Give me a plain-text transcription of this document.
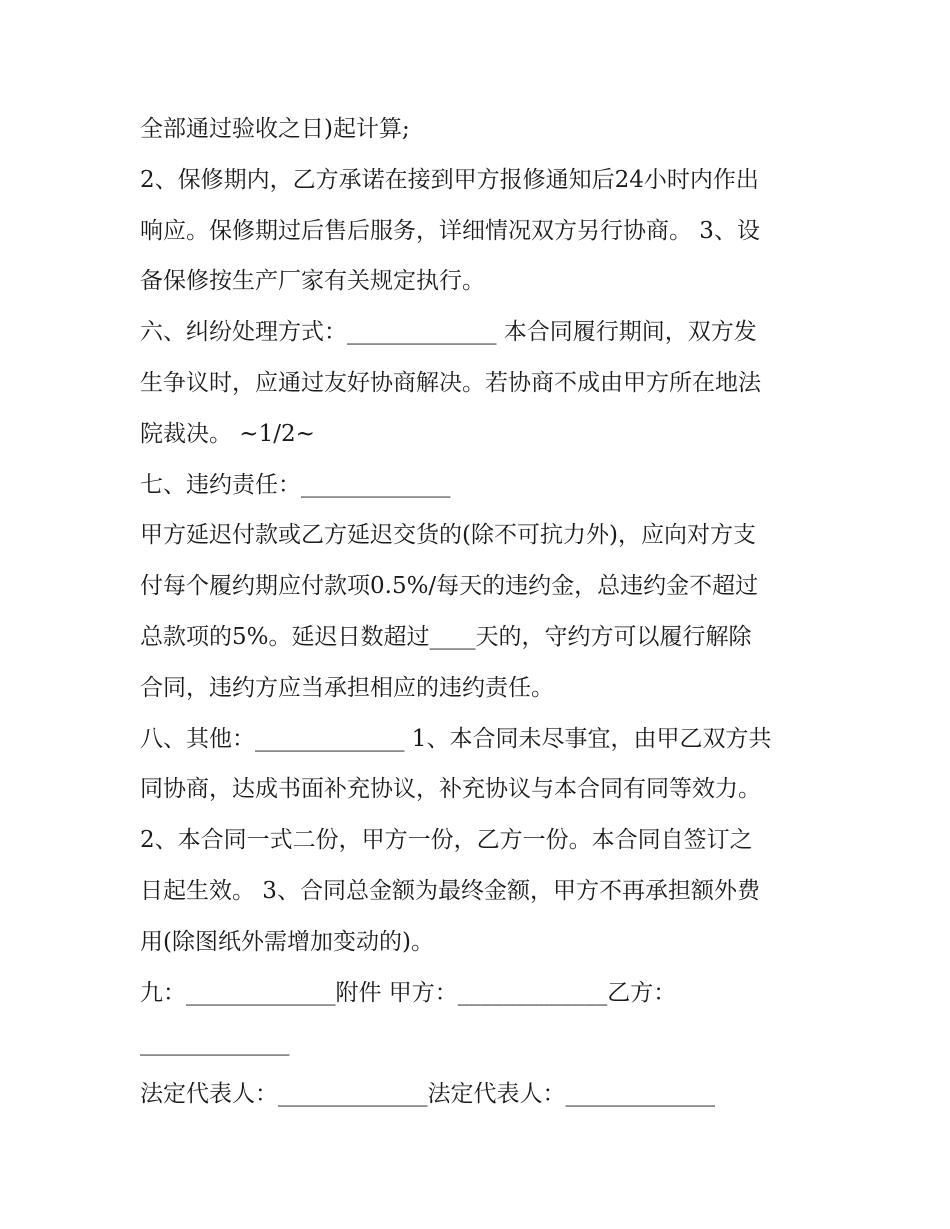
全部通过验收之日)起计算;
2、保修期内，乙方承诺在接到甲方报修通知后24小时内作出
响应。保修期过后售后服务，详细情况双方另行协商。 3、设
备保修按生产厂家有关规定执行。
六、纠纷处理方式：_____________ 本合同履行期间，双方发
生争议时，应通过友好协商解决。若协商不成由甲方所在地法
院裁决。 ~1/2~
七、违约责任：_____________
甲方延迟付款或乙方延迟交货的(除不可抗力外)，应向对方支
付每个履约期应付款项0.5%/每天的违约金，总违约金不超过
总款项的5%。延迟日数超过____天的，守约方可以履行解除
合同，违约方应当承担相应的违约责任。
八、其他：_____________ 1、本合同未尽事宜，由甲乙双方共
同协商，达成书面补充协议，补充协议与本合同有同等效力。
2、本合同一式二份，甲方一份，乙方一份。本合同自签订之
日起生效。 3、合同总金额为最终金额，甲方不再承担额外费
用(除图纸外需增加变动的)。
九：_____________附件 甲方：_____________乙方：
_____________
法定代表人：_____________法定代表人：_____________
